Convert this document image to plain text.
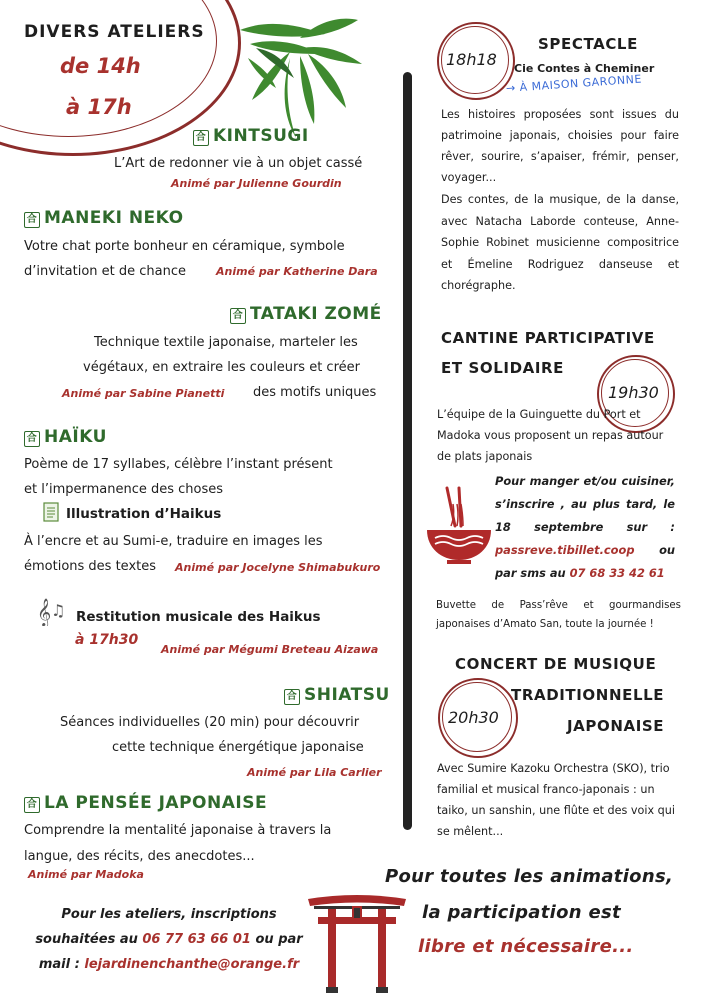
DIVERS ATELIERS
de 14h
à 17h
合 KINTSUGI
L’Art de redonner vie à un objet cassé
Animé par Julienne Gourdin
合 MANEKI NEKO
Votre chat porte bonheur en céramique, symbole
d’invitation et de chance	Animé par Katherine Dara
合 TATAKI ZOMÉ
Technique textile japonaise, marteler les
végétaux, en extraire les couleurs et créer
Animé par Sabine Pianetti des motifs uniques
合 HAÏKU
Poème de 17 syllabes, célèbre l’instant présent
et l’impermanence des choses
Illustration d’Haikus
À l’encre et au Sumi-e, traduire en images les
émotions des textes Animé par Jocelyne Shimabukuro
𝄞 ♫ Restitution musicale des Haikus
à 17h30
Animé par Mégumi Breteau Aizawa
合 SHIATSU
Séances individuelles (20 min) pour découvrir
cette technique énergétique japonaise
Animé par Lila Carlier
合 LA PENSÉE JAPONAISE
Comprendre la mentalité japonaise à travers la
langue, des récits, des anecdotes...
Animé par Madoka
Pour les ateliers, inscriptions
souhaitées au 06 77 63 66 01 ou par
mail : lejardinenchanthe@orange.fr
18h18
SPECTACLE
Cie Contes à Cheminer
→ À MAISON GARONNE
Les histoires proposées sont issues du patrimoine japonais, choisies pour faire rêver, sourire, s’apaiser, frémir, penser, voyager...
Des contes, de la musique, de la danse, avec Natacha Laborde conteuse, Anne-Sophie Robinet musicienne compositrice et Émeline Rodriguez danseuse et chorégraphe.
CANTINE PARTICIPATIVE
ET SOLIDAIRE
19h30
L’équipe de la Guinguette du Port et Madoka vous proposent un repas autour de plats japonais
Pour manger et/ou cuisiner, s’inscrire , au plus tard, le 18 septembre sur : passreve.tibillet.coop ou par sms au 07 68 33 42 61
Buvette de Pass’rêve et gourmandises japonaises d’Amato San, toute la journée !
CONCERT DE MUSIQUE
TRADITIONNELLE
JAPONAISE
20h30
Avec Sumire Kazoku Orchestra (SKO), trio familial et musical franco-japonais : un taiko, un sanshin, une flûte et des voix qui se mêlent...
Pour toutes les animations,
la participation est
libre et nécessaire...
